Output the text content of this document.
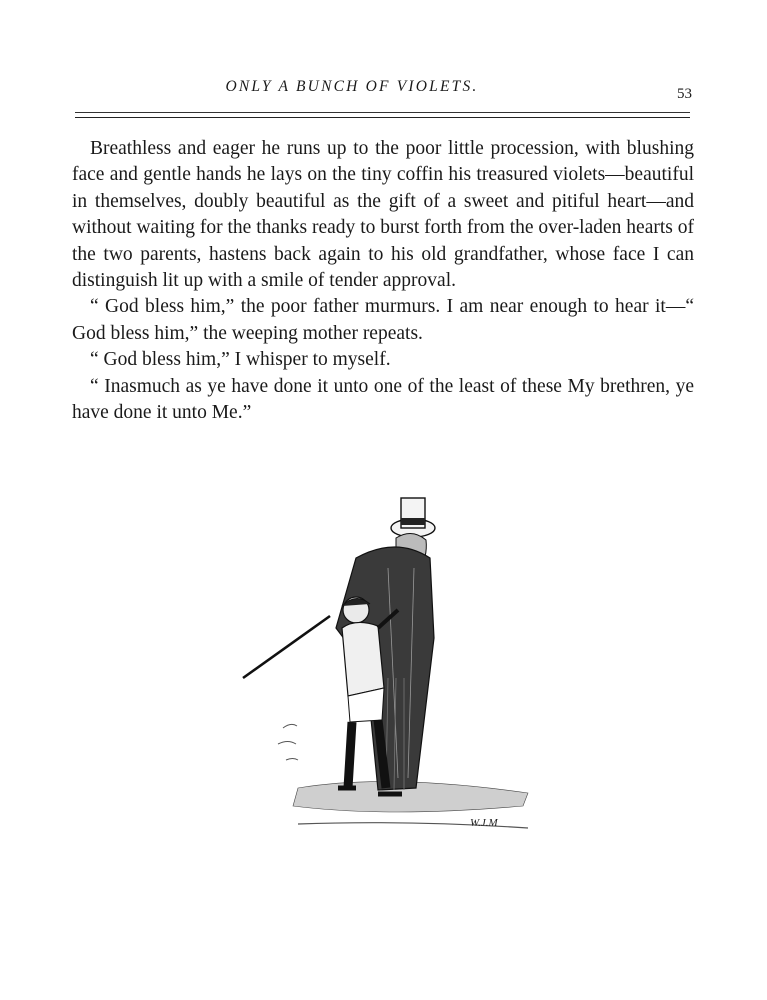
ONLY A BUNCH OF VIOLETS.	53

Breathless and eager he runs up to the poor little procession, with blushing face and gentle hands he lays on the tiny coffin his treasured violets—beautiful in themselves, doubly beautiful as the gift of a sweet and pitiful heart—and without waiting for the thanks ready to burst forth from the over-laden hearts of the two parents, hastens back again to his old grandfather, whose face I can distinguish lit up with a smile of tender approval.

“ God bless him,” the poor father murmurs. I am near enough to hear it—“ God bless him,” the weeping mother repeats.

“ God bless him,” I whisper to myself.

“ Inasmuch as ye have done it unto one of the least of these My brethren, ye have done it unto Me.”

W.J.M
